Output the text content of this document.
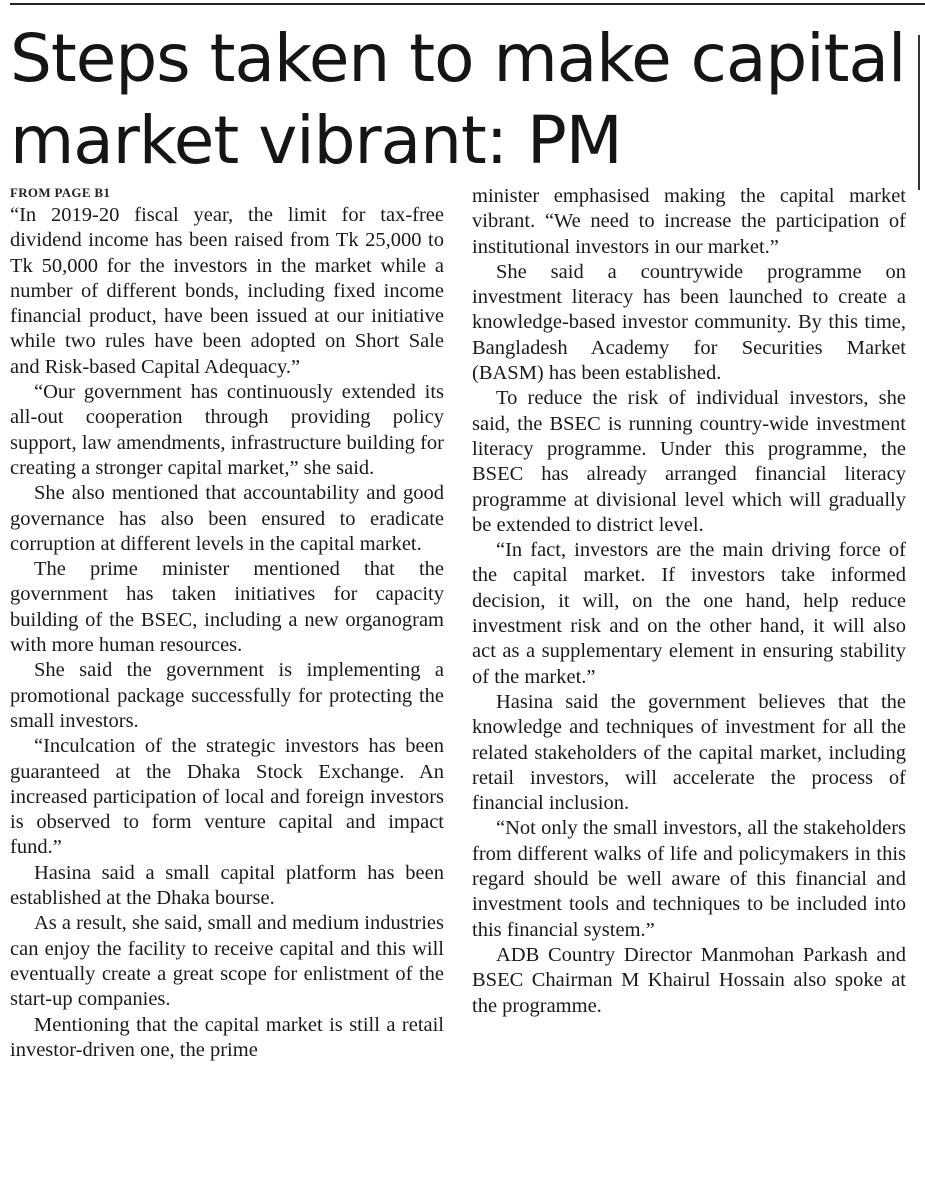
Steps taken to make capital
market vibrant: PM

FROM PAGE B1

“In 2019-20 fiscal year, the limit for tax-free dividend income has been raised from Tk 25,000 to Tk 50,000 for the investors in the market while a number of different bonds, including fixed income financial product, have been issued at our initiative while two rules have been adopted on Short Sale and Risk-based Capital Adequacy.”

“Our government has continuously extended its all-out cooperation through providing policy support, law amendments, infrastructure building for creating a stronger capital market,” she said.

She also mentioned that accountability and good governance has also been ensured to eradicate corruption at different levels in the capital market.

The prime minister mentioned that the government has taken initiatives for capacity building of the BSEC, including a new organogram with more human resources.

She said the government is implementing a promotional package successfully for protecting the small investors.

“Inculcation of the strategic investors has been guaranteed at the Dhaka Stock Exchange. An increased participation of local and foreign investors is observed to form venture capital and impact fund.”

Hasina said a small capital platform has been established at the Dhaka bourse.

As a result, she said, small and medium industries can enjoy the facility to receive capital and this will eventually create a great scope for enlistment of the start-up companies.

Mentioning that the capital market is still a retail investor-driven one, the prime

minister emphasised making the capital market vibrant. “We need to increase the participation of institutional investors in our market.”

She said a countrywide programme on investment literacy has been launched to create a knowledge-based investor community. By this time, Bangladesh Academy for Securities Market (BASM) has been established.

To reduce the risk of individual investors, she said, the BSEC is running country-wide investment literacy programme. Under this programme, the BSEC has already arranged financial literacy programme at divisional level which will gradually be extended to district level.

“In fact, investors are the main driving force of the capital market. If investors take informed decision, it will, on the one hand, help reduce investment risk and on the other hand, it will also act as a supplementary element in ensuring stability of the market.”

Hasina said the government believes that the knowledge and techniques of investment for all the related stakeholders of the capital market, including retail investors, will accelerate the process of financial inclusion.

“Not only the small investors, all the stakeholders from different walks of life and policymakers in this regard should be well aware of this financial and investment tools and techniques to be included into this financial system.”

ADB Country Director Manmohan Parkash and BSEC Chairman M Khairul Hossain also spoke at the programme.
